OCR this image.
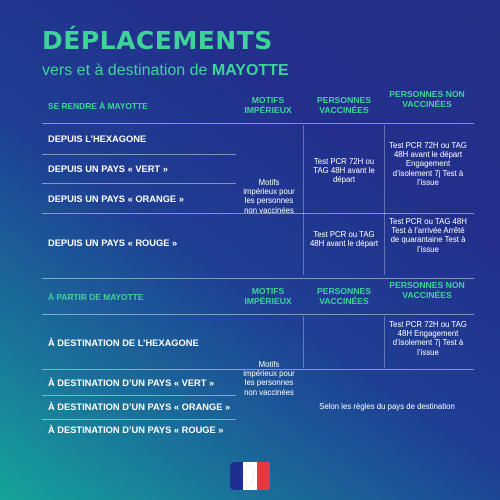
DÉPLACEMENTS
vers et à destination de MAYOTTE
SE RENDRE À MAYOTTE
MOTIFS IMPÉRIEUX
PERSONNES VACCINÉES
PERSONNES NON VACCINÉES
DEPUIS L’HEXAGONE
DEPUIS UN PAYS « VERT »
DEPUIS UN PAYS « ORANGE »
DEPUIS UN PAYS « ROUGE »
Motifs impérieux pour les personnes non vaccinées
Test PCR 72H ou TAG 48H avant le départ
Test PCR ou TAG 48H avant le départ
Test PCR 72H ou TAG 48H avant le départ Engagement d’isolement 7j Test à l’issue
Test PCR ou TAG 48H Test à l’arrivée Arrêté de quarantaine Test à l’issue
À PARTIR DE MAYOTTE
MOTIFS IMPÉRIEUX
PERSONNES VACCINÉES
PERSONNES NON VACCINÉES
À DESTINATION DE L’HEXAGONE
À DESTINATION D’UN PAYS « VERT »
À DESTINATION D’UN PAYS « ORANGE »
À DESTINATION D’UN PAYS « ROUGE »
Motifs impérieux pour les personnes non vaccinées
Test PCR 72H ou TAG 48H Engagement d’isolement 7j Test à l’issue
Selon les règles du pays de destination
